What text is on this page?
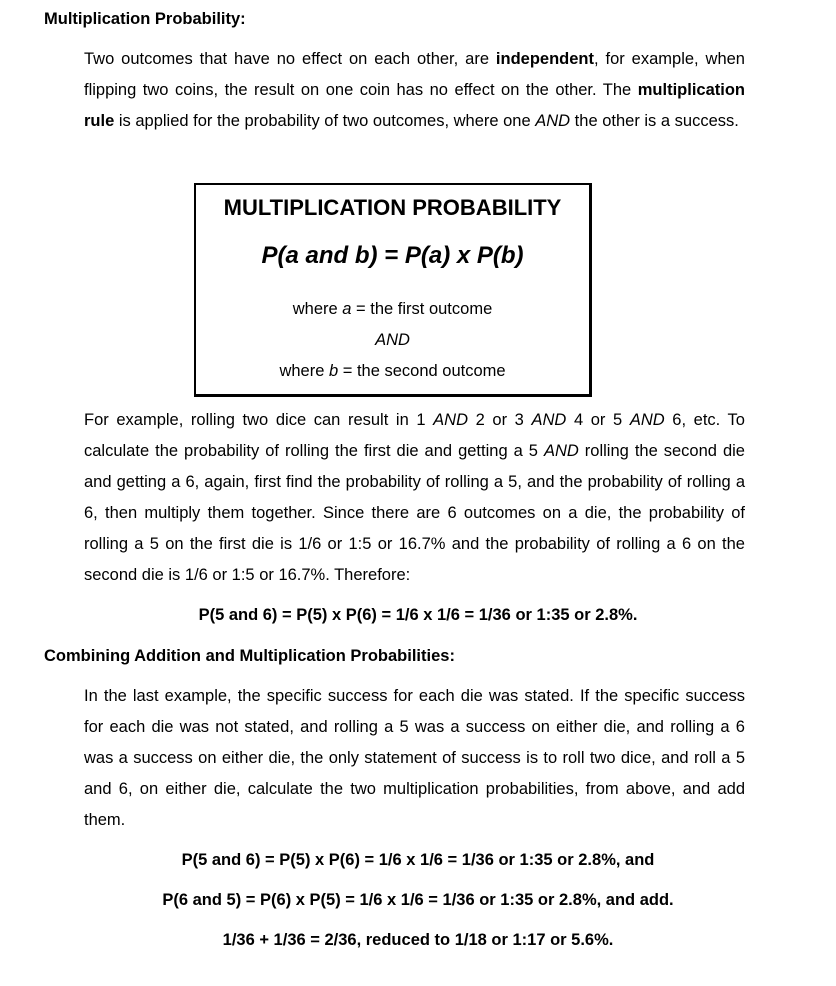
Multiplication Probability:
Two outcomes that have no effect on each other, are independent, for example, when flipping two coins, the result on one coin has no effect on the other. The multiplication rule is applied for the probability of two outcomes, where one AND the other is a success.
MULTIPLICATION PROBABILITY
P(a and b) = P(a) x P(b)
where a = the first outcome
AND
where b = the second outcome
For example, rolling two dice can result in 1 AND 2 or 3 AND 4 or 5 AND 6, etc. To calculate the probability of rolling the first die and getting a 5 AND rolling the second die and getting a 6, again, first find the probability of rolling a 5, and the probability of rolling a 6, then multiply them together. Since there are 6 outcomes on a die, the probability of rolling a 5 on the first die is 1/6 or 1:5 or 16.7% and the probability of rolling a 6 on the second die is 1/6 or 1:5 or 16.7%. Therefore:
P(5 and 6) = P(5) x P(6) = 1/6 x 1/6 = 1/36 or 1:35 or 2.8%.
Combining Addition and Multiplication Probabilities:
In the last example, the specific success for each die was stated. If the specific success for each die was not stated, and rolling a 5 was a success on either die, and rolling a 6 was a success on either die, the only statement of success is to roll two dice, and roll a 5 and 6, on either die, calculate the two multiplication probabilities, from above, and add them.
P(5 and 6) = P(5) x P(6) = 1/6 x 1/6 = 1/36 or 1:35 or 2.8%, and
P(6 and 5) = P(6) x P(5) = 1/6 x 1/6 = 1/36 or 1:35 or 2.8%, and add.
1/36 + 1/36 = 2/36, reduced to 1/18 or 1:17 or 5.6%.
